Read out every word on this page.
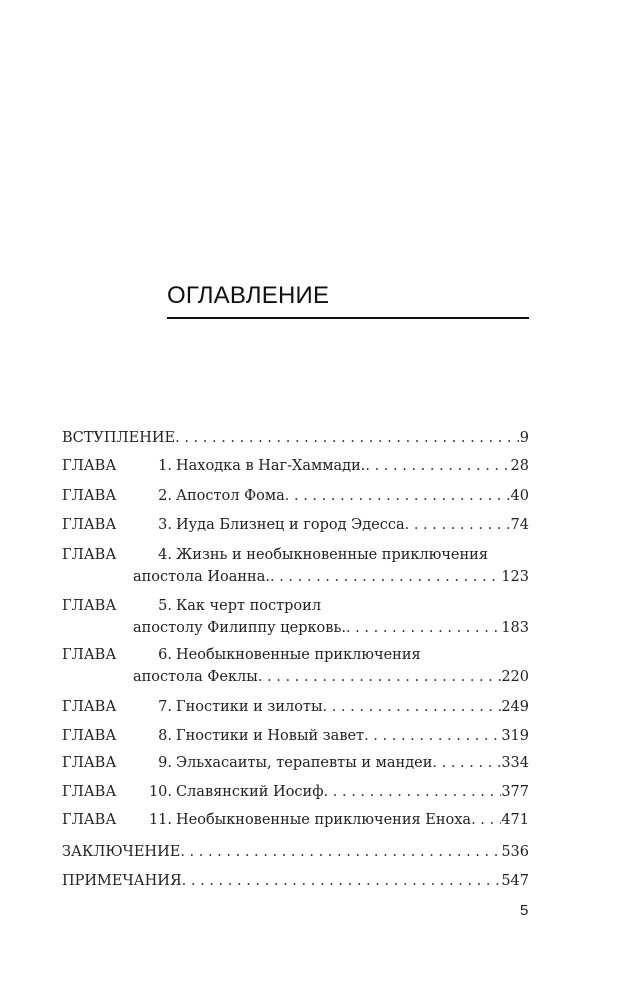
ОГЛАВЛЕНИЕ
ВСТУПЛЕНИЕ . . .	9
ГЛАВА	1. Находка в Наг-Хаммади. . . .	28
ГЛАВА	2. Апостол Фома . . .	40
ГЛАВА	3. Иуда Близнец и город Эдесса . . .	74
ГЛАВА	4. Жизнь и необыкновенные приключения
апостола Иоанна. . . .	123
ГЛАВА	5. Как черт построил
апостолу Филиппу церковь. . . .	183
ГЛАВА	6. Необыкновенные приключения
апостола Феклы . . .	220
ГЛАВА	7. Гностики и зилоты . . .	249
ГЛАВА	8. Гностики и Новый завет . . .	319
ГЛАВА	9. Эльхасаиты, терапевты и мандеи . . .	334
ГЛАВА	10. Славянский Иосиф . . .	377
ГЛАВА	11. Необыкновенные приключения Еноха . . . 471
ЗАКЛЮЧЕНИЕ . . .	536
ПРИМЕЧАНИЯ . . .	547
5
